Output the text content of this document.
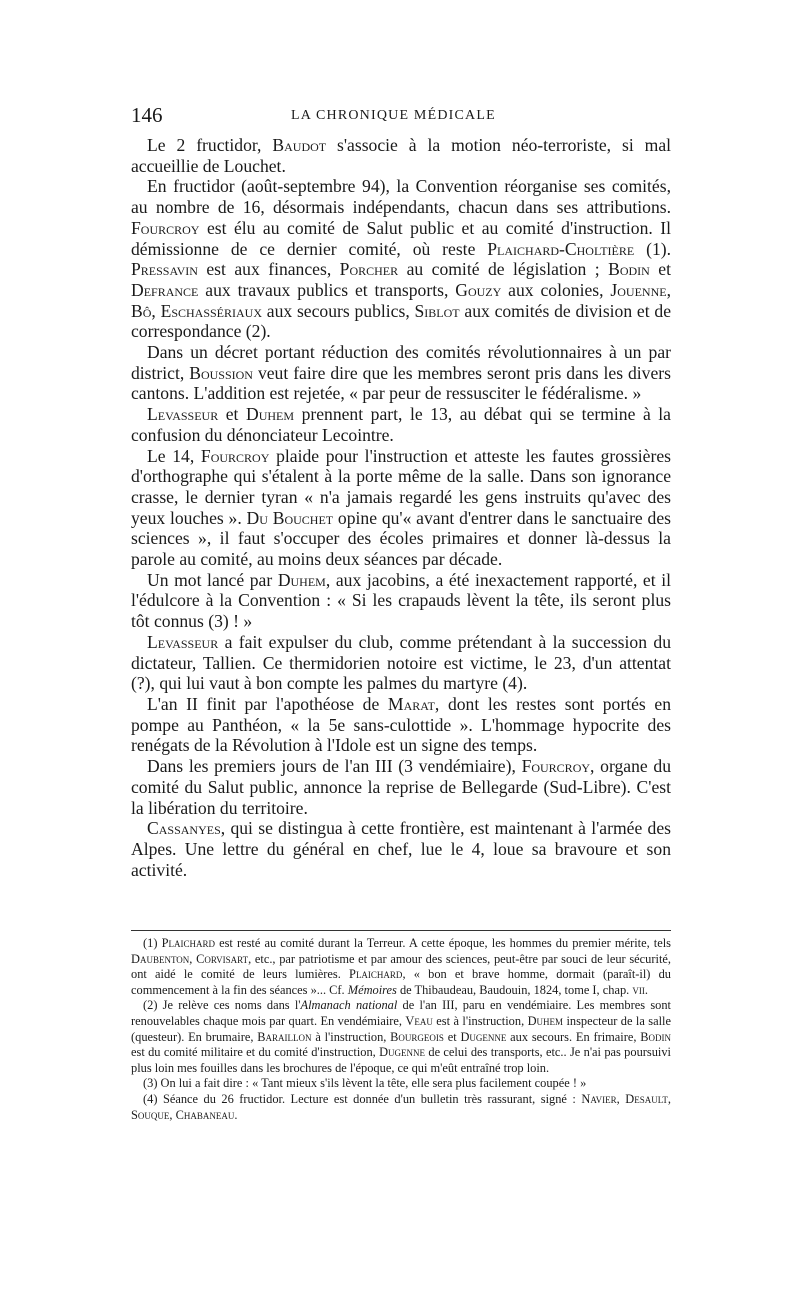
146	LA CHRONIQUE MÉDICALE

Le 2 fructidor, Baudot s'associe à la motion néo-terroriste, si mal accueillie de Louchet.

En fructidor (août-septembre 94), la Convention réorganise ses comités, au nombre de 16, désormais indépendants, chacun dans ses attributions. Fourcroy est élu au comité de Salut public et au comité d'instruction. Il démissionne de ce dernier comité, où reste Plaichard-Choltière (1). Pressavin est aux finances, Porcher au comité de législation ; Bodin et Defrance aux travaux publics et transports, Gouzy aux colonies, Jouenne, Bô, Eschassériaux aux secours publics, Siblot aux comités de division et de correspondance (2).

Dans un décret portant réduction des comités révolutionnaires à un par district, Boussion veut faire dire que les membres seront pris dans les divers cantons. L'addition est rejetée, « par peur de ressusciter le fédéralisme. »

Levasseur et Duhem prennent part, le 13, au débat qui se termine à la confusion du dénonciateur Lecointre.

Le 14, Fourcroy plaide pour l'instruction et atteste les fautes grossières d'orthographe qui s'étalent à la porte même de la salle. Dans son ignorance crasse, le dernier tyran « n'a jamais regardé les gens instruits qu'avec des yeux louches ». Du Bouchet opine qu'« avant d'entrer dans le sanctuaire des sciences », il faut s'occuper des écoles primaires et donner là-dessus la parole au comité, au moins deux séances par décade.

Un mot lancé par Duhem, aux jacobins, a été inexactement rapporté, et il l'édulcore à la Convention : « Si les crapauds lèvent la tête, ils seront plus tôt connus (3) ! »

Levasseur a fait expulser du club, comme prétendant à la succession du dictateur, Tallien. Ce thermidorien notoire est victime, le 23, d'un attentat (?), qui lui vaut à bon compte les palmes du martyre (4).

L'an II finit par l'apothéose de Marat, dont les restes sont portés en pompe au Panthéon, « la 5e sans-culottide ». L'hommage hypocrite des renégats de la Révolution à l'Idole est un signe des temps.

Dans les premiers jours de l'an III (3 vendémiaire), Fourcroy, organe du comité du Salut public, annonce la reprise de Bellegarde (Sud-Libre). C'est la libération du territoire.

Cassanyes, qui se distingua à cette frontière, est maintenant à l'armée des Alpes. Une lettre du général en chef, lue le 4, loue sa bravoure et son activité.

(1) Plaichard est resté au comité durant la Terreur. A cette époque, les hommes du premier mérite, tels Daubenton, Corvisart, etc., par patriotisme et par amour des sciences, peut-être par souci de leur sécurité, ont aidé le comité de leurs lumières. Plaichard, « bon et brave homme, dormait (paraît-il) du commencement à la fin des séances »... Cf. Mémoires de Thibaudeau, Baudouin, 1824, tome I, chap. vii.

(2) Je relève ces noms dans l'Almanach national de l'an III, paru en vendémiaire. Les membres sont renouvelables chaque mois par quart. En vendémiaire, Veau est à l'instruction, Duhem inspecteur de la salle (questeur). En brumaire, Baraillon à l'instruction, Bourgeois et Dugenne aux secours. En frimaire, Bodin est du comité militaire et du comité d'instruction, Dugenne de celui des transports, etc.. Je n'ai pas poursuivi plus loin mes fouilles dans les brochures de l'époque, ce qui m'eût entraîné trop loin.

(3) On lui a fait dire : « Tant mieux s'ils lèvent la tête, elle sera plus facilement coupée ! »

(4) Séance du 26 fructidor. Lecture est donnée d'un bulletin très rassurant, signé : Navier, Desault, Souque, Chabaneau.
